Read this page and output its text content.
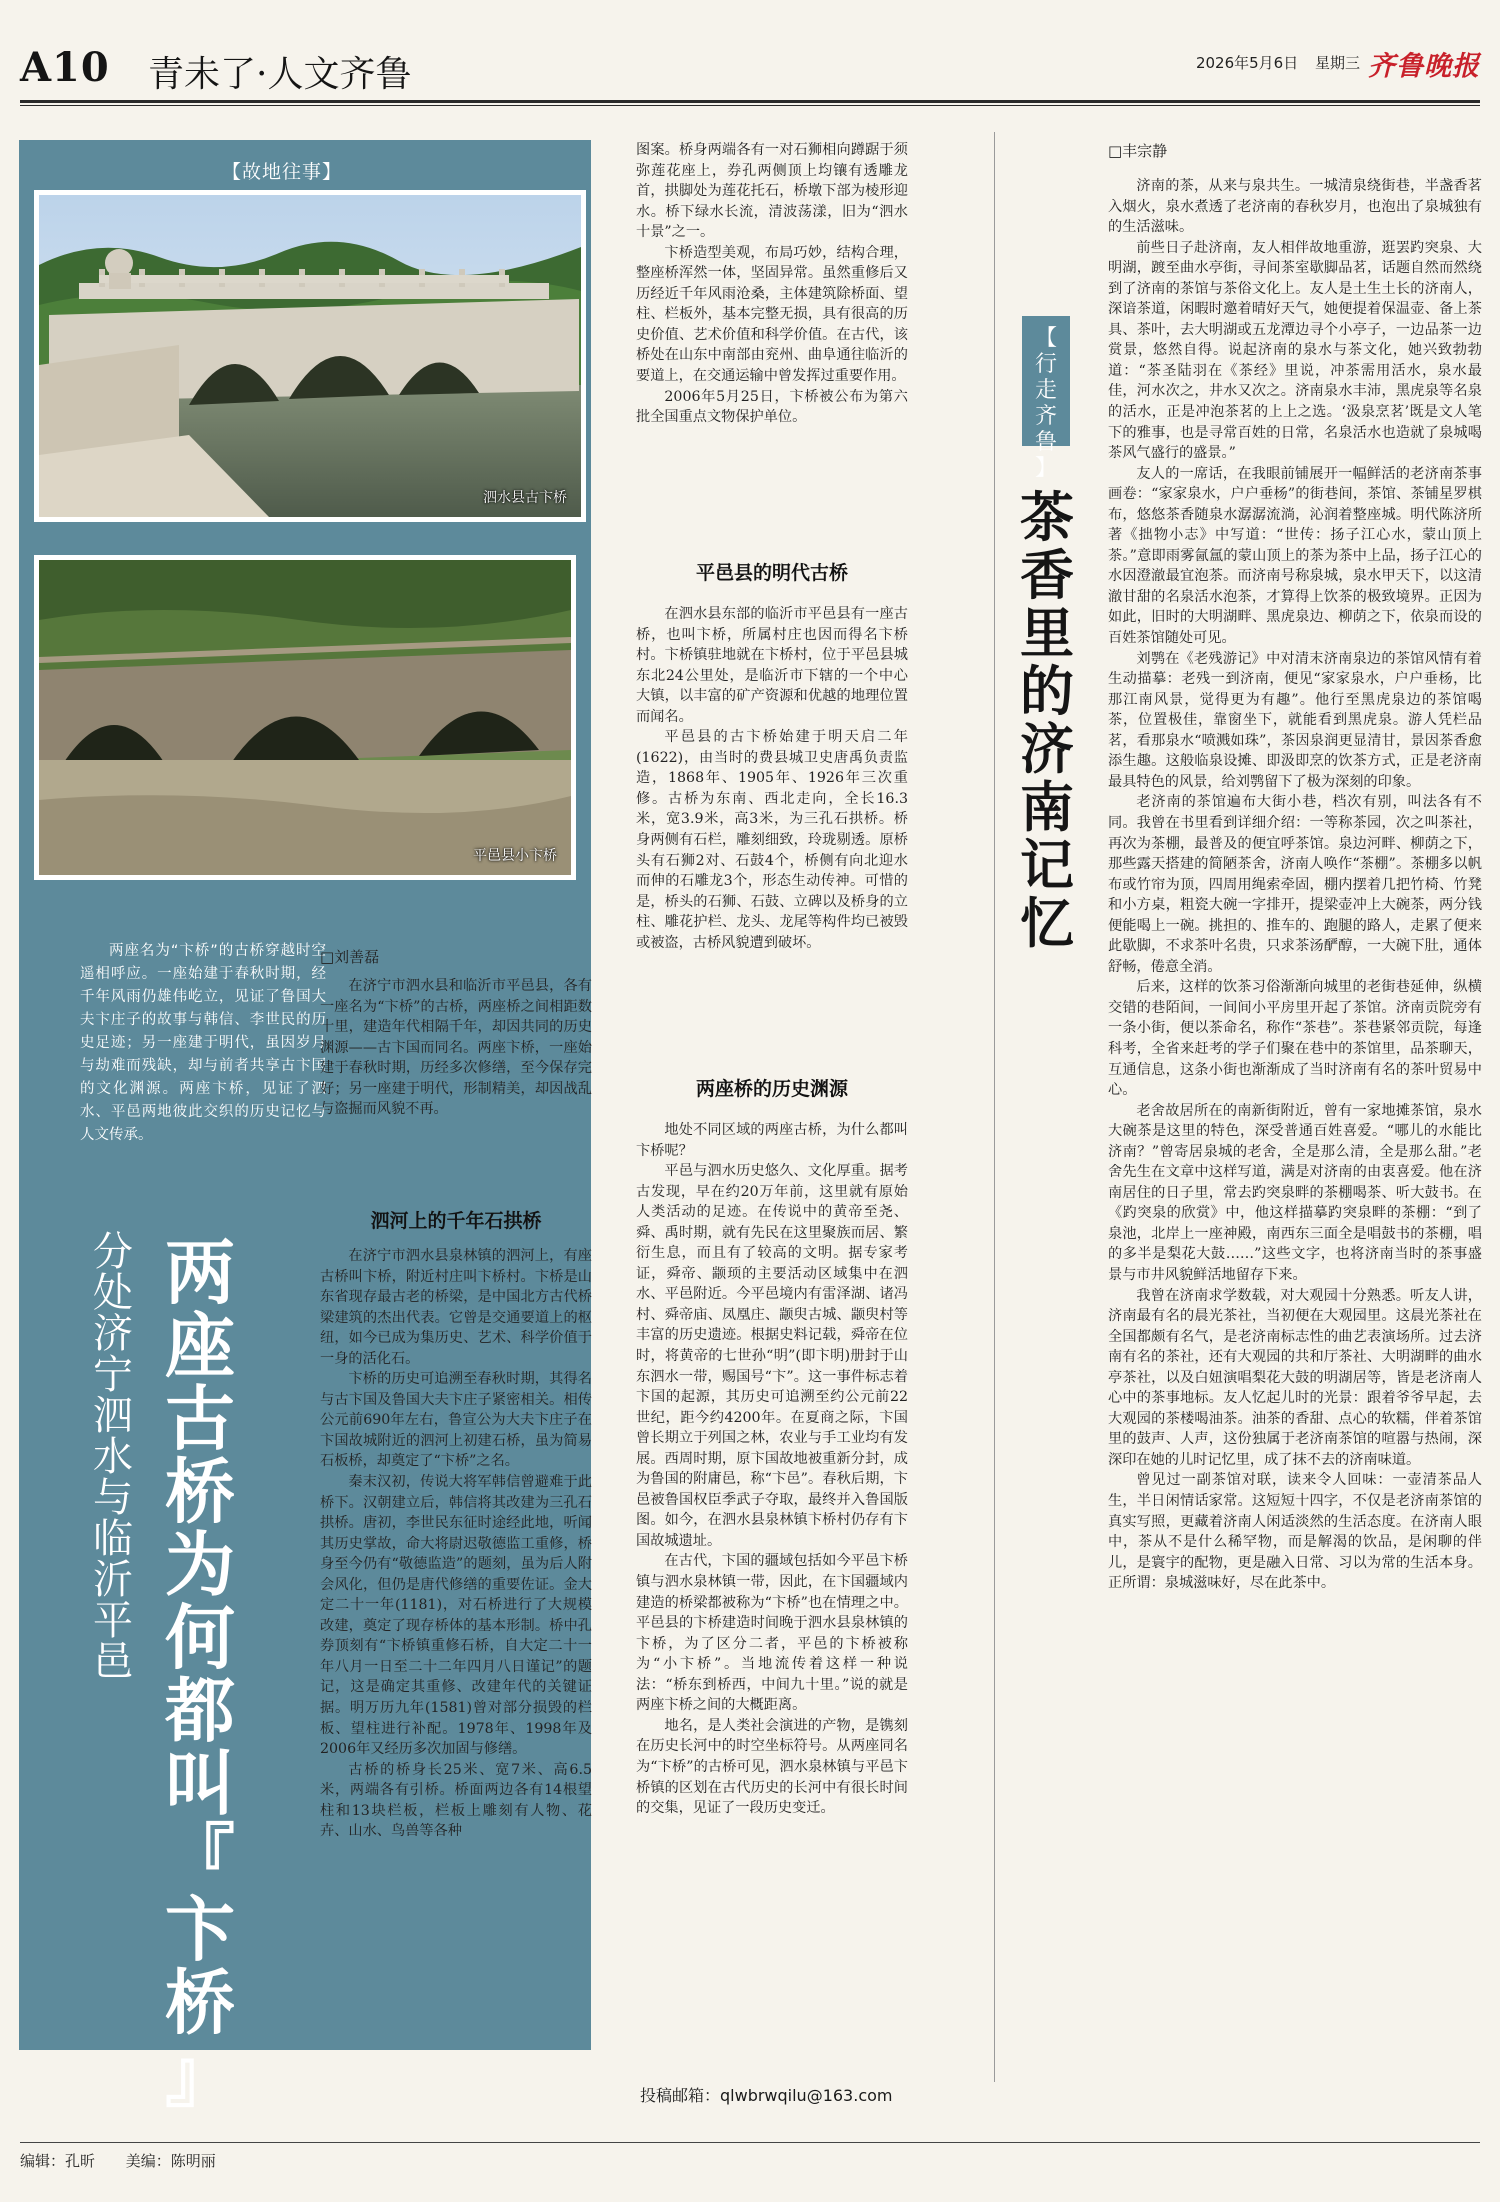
A10 青未了·人文齐鲁	2026年5月6日 星期三 齐鲁晚报
【故地往事】
泗水县古卞桥
平邑县小卞桥
两座名为“卞桥”的古桥穿越时空遥相呼应。一座始建于春秋时期，经千年风雨仍雄伟屹立，见证了鲁国大夫卞庄子的故事与韩信、李世民的历史足迹；另一座建于明代，虽因岁月与劫难而残缺，却与前者共享古卞国的文化渊源。两座卞桥，见证了泗水、平邑两地彼此交织的历史记忆与人文传承。
分
处
济
宁
泗
水
与
临
沂
平
邑
两
座
古
桥
为
何
都
叫
『
卞
桥
』
□刘善磊

在济宁市泗水县和临沂市平邑县，各有一座名为“卞桥”的古桥，两座桥之间相距数十里，建造年代相隔千年，却因共同的历史渊源——古卞国而同名。两座卞桥，一座始建于春秋时期，历经多次修缮，至今保存完好；另一座建于明代，形制精美，却因战乱与盗掘而风貌不再。

泗河上的千年石拱桥

在济宁市泗水县泉林镇的泗河上，有座古桥叫卞桥，附近村庄叫卞桥村。卞桥是山东省现存最古老的桥梁，是中国北方古代桥梁建筑的杰出代表。它曾是交通要道上的枢纽，如今已成为集历史、艺术、科学价值于一身的活化石。

卞桥的历史可追溯至春秋时期，其得名与古卞国及鲁国大夫卞庄子紧密相关。相传公元前690年左右，鲁宣公为大夫卞庄子在卞国故城附近的泗河上初建石桥，虽为简易石板桥，却奠定了“卞桥”之名。

秦末汉初，传说大将军韩信曾避难于此桥下。汉朝建立后，韩信将其改建为三孔石拱桥。唐初，李世民东征时途经此地，听闻其历史掌故，命大将尉迟敬德监工重修，桥身至今仍有“敬德监造”的题刻，虽为后人附会风化，但仍是唐代修缮的重要佐证。金大定二十一年(1181)，对石桥进行了大规模改建，奠定了现存桥体的基本形制。桥中孔券顶刻有“卞桥镇重修石桥，自大定二十一年八月一日至二十二年四月八日谨记”的题记，这是确定其重修、改建年代的关键证据。明万历九年(1581)曾对部分损毁的栏板、望柱进行补配。1978年、1998年及2006年又经历多次加固与修缮。

古桥的桥身长25米、宽7米、高6.5米，两端各有引桥。桥面两边各有14根望柱和13块栏板，栏板上雕刻有人物、花卉、山水、鸟兽等各种

图案。桥身两端各有一对石狮相向蹲踞于须弥莲花座上，券孔两侧顶上均镶有透雕龙首，拱脚处为莲花托石，桥墩下部为棱形迎水。桥下绿水长流，清波荡漾，旧为“泗水十景”之一。

卞桥造型美观，布局巧妙，结构合理，整座桥浑然一体，坚固异常。虽然重修后又历经近千年风雨沧桑，主体建筑除桥面、望柱、栏板外，基本完整无损，具有很高的历史价值、艺术价值和科学价值。在古代，该桥处在山东中南部由兖州、曲阜通往临沂的要道上，在交通运输中曾发挥过重要作用。

2006年5月25日，卞桥被公布为第六批全国重点文物保护单位。

平邑县的明代古桥

在泗水县东部的临沂市平邑县有一座古桥，也叫卞桥，所属村庄也因而得名卞桥村。卞桥镇驻地就在卞桥村，位于平邑县城东北24公里处，是临沂市下辖的一个中心大镇，以丰富的矿产资源和优越的地理位置而闻名。

平邑县的古卞桥始建于明天启二年(1622)，由当时的费县城卫史唐禹负责监造，1868年、1905年、1926年三次重修。古桥为东南、西北走向，全长16.3米，宽3.9米，高3米，为三孔石拱桥。桥身两侧有石栏，雕刻细致，玲珑剔透。原桥头有石狮2对、石鼓4个，桥侧有向北迎水而伸的石雕龙3个，形态生动传神。可惜的是，桥头的石狮、石鼓、立碑以及桥身的立柱、雕花护栏、龙头、龙尾等构件均已被毁或被盗，古桥风貌遭到破坏。

两座桥的历史渊源

地处不同区域的两座古桥，为什么都叫卞桥呢？

平邑与泗水历史悠久、文化厚重。据考古发现，早在约20万年前，这里就有原始人类活动的足迹。在传说中的黄帝至尧、舜、禹时期，就有先民在这里聚族而居、繁衍生息，而且有了较高的文明。据专家考证，舜帝、颛顼的主要活动区域集中在泗水、平邑附近。今平邑境内有雷泽湖、诸冯村、舜帝庙、凤凰庄、颛臾古城、颛臾村等丰富的历史遗迹。根据史料记载，舜帝在位时，将黄帝的七世孙“明”(即卞明)册封于山东泗水一带，赐国号“卞”。这一事件标志着卞国的起源，其历史可追溯至约公元前22世纪，距今约4200年。在夏商之际，卞国曾长期立于列国之林，农业与手工业均有发展。西周时期，原卞国故地被重新分封，成为鲁国的附庸邑，称“卞邑”。春秋后期，卞邑被鲁国权臣季武子夺取，最终并入鲁国版图。如今，在泗水县泉林镇卞桥村仍存有卞国故城遗址。

在古代，卞国的疆域包括如今平邑卞桥镇与泗水泉林镇一带，因此，在卞国疆域内建造的桥梁都被称为“卞桥”也在情理之中。平邑县的卞桥建造时间晚于泗水县泉林镇的卞桥，为了区分二者，平邑的卞桥被称为“小卞桥”。当地流传着这样一种说法：“桥东到桥西，中间九十里。”说的就是两座卞桥之间的大概距离。

地名，是人类社会演进的产物，是镌刻在历史长河中的时空坐标符号。从两座同名为“卞桥”的古桥可见，泗水泉林镇与平邑卞桥镇的区划在古代历史的长河中有很长时间的交集，见证了一段历史变迁。

投稿邮箱：qlwbrwqilu@163.com
【
行
走
齐
鲁
】
茶
香
里
的
济
南
记
忆
□丰宗静

济南的茶，从来与泉共生。一城清泉绕街巷，半盏香茗入烟火，泉水煮透了老济南的春秋岁月，也泡出了泉城独有的生活滋味。

前些日子赴济南，友人相伴故地重游，逛罢趵突泉、大明湖，踱至曲水亭街，寻间茶室歇脚品茗，话题自然而然绕到了济南的茶馆与茶俗文化上。友人是土生土长的济南人，深谙茶道，闲暇时邀着晴好天气，她便提着保温壶、备上茶具、茶叶，去大明湖或五龙潭边寻个小亭子，一边品茶一边赏景，悠然自得。说起济南的泉水与茶文化，她兴致勃勃道：“茶圣陆羽在《茶经》里说，冲茶需用活水，泉水最佳，河水次之，井水又次之。济南泉水丰沛，黑虎泉等名泉的活水，正是冲泡茶茗的上上之选。‘汲泉烹茗’既是文人笔下的雅事，也是寻常百姓的日常，名泉活水也造就了泉城喝茶风气盛行的盛景。”

友人的一席话，在我眼前铺展开一幅鲜活的老济南茶事画卷：“家家泉水，户户垂杨”的街巷间，茶馆、茶铺星罗棋布，悠悠茶香随泉水潺潺流淌，沁润着整座城。明代陈济所著《拙物小志》中写道：“世传：扬子江心水，蒙山顶上茶。”意即雨雾氤氲的蒙山顶上的茶为茶中上品，扬子江心的水因澄澈最宜泡茶。而济南号称泉城，泉水甲天下，以这清澈甘甜的名泉活水泡茶，才算得上饮茶的极致境界。正因为如此，旧时的大明湖畔、黑虎泉边、柳荫之下，依泉而设的百姓茶馆随处可见。

刘鹗在《老残游记》中对清末济南泉边的茶馆风情有着生动描摹：老残一到济南，便见“家家泉水，户户垂杨，比那江南风景，觉得更为有趣”。他行至黑虎泉边的茶馆喝茶，位置极佳，靠窗坐下，就能看到黑虎泉。游人凭栏品茗，看那泉水“喷溅如珠”，茶因泉润更显清甘，景因茶香愈添生趣。这般临泉设摊、即汲即烹的饮茶方式，正是老济南最具特色的风景，给刘鹗留下了极为深刻的印象。

老济南的茶馆遍布大街小巷，档次有别，叫法各有不同。我曾在书里看到详细介绍：一等称茶园，次之叫茶社，再次为茶棚，最普及的便宜呼茶馆。泉边河畔、柳荫之下，那些露天搭建的简陋茶舍，济南人唤作“茶棚”。茶棚多以帆布或竹帘为顶，四周用绳索牵固，棚内摆着几把竹椅、竹凳和小方桌，粗瓷大碗一字排开，提梁壶冲上大碗茶，两分钱便能喝上一碗。挑担的、推车的、跑腿的路人，走累了便来此歇脚，不求茶叶名贵，只求茶汤酽醇，一大碗下肚，通体舒畅，倦意全消。

后来，这样的饮茶习俗渐渐向城里的老街巷延伸，纵横交错的巷陌间，一间间小平房里开起了茶馆。济南贡院旁有一条小街，便以茶命名，称作“茶巷”。茶巷紧邻贡院，每逢科考，全省来赶考的学子们聚在巷中的茶馆里，品茶聊天，互通信息，这条小街也渐渐成了当时济南有名的茶叶贸易中心。

老舍故居所在的南新街附近，曾有一家地摊茶馆，泉水大碗茶是这里的特色，深受普通百姓喜爱。“哪儿的水能比济南？”曾寄居泉城的老舍，全是那么清，全是那么甜。”老舍先生在文章中这样写道，满是对济南的由衷喜爱。他在济南居住的日子里，常去趵突泉畔的茶棚喝茶、听大鼓书。在《趵突泉的欣赏》中，他这样描摹趵突泉畔的茶棚：“到了泉池，北岸上一座神殿，南西东三面全是唱鼓书的茶棚，唱的多半是梨花大鼓……”这些文字，也将济南当时的茶事盛景与市井风貌鲜活地留存下来。

我曾在济南求学数载，对大观园十分熟悉。听友人讲，济南最有名的晨光茶社，当初便在大观园里。这晨光茶社在全国都颇有名气，是老济南标志性的曲艺表演场所。过去济南有名的茶社，还有大观园的共和厅茶社、大明湖畔的曲水亭茶社，以及白妞演唱梨花大鼓的明湖居等，皆是老济南人心中的茶事地标。友人忆起儿时的光景：跟着爷爷早起，去大观园的茶楼喝油茶。油茶的香甜、点心的软糯，伴着茶馆里的鼓声、人声，这份独属于老济南茶馆的喧嚣与热闹，深深印在她的儿时记忆里，成了抹不去的济南味道。

曾见过一副茶馆对联，读来令人回味：一壶清茶品人生，半日闲情话家常。这短短十四字，不仅是老济南茶馆的真实写照，更藏着济南人闲适淡然的生活态度。在济南人眼中，茶从不是什么稀罕物，而是解渴的饮品，是闲聊的伴儿，是寰宇的配物，更是融入日常、习以为常的生活本身。正所谓：泉城滋味好，尽在此茶中。

编辑：孔昕 美编：陈明丽
